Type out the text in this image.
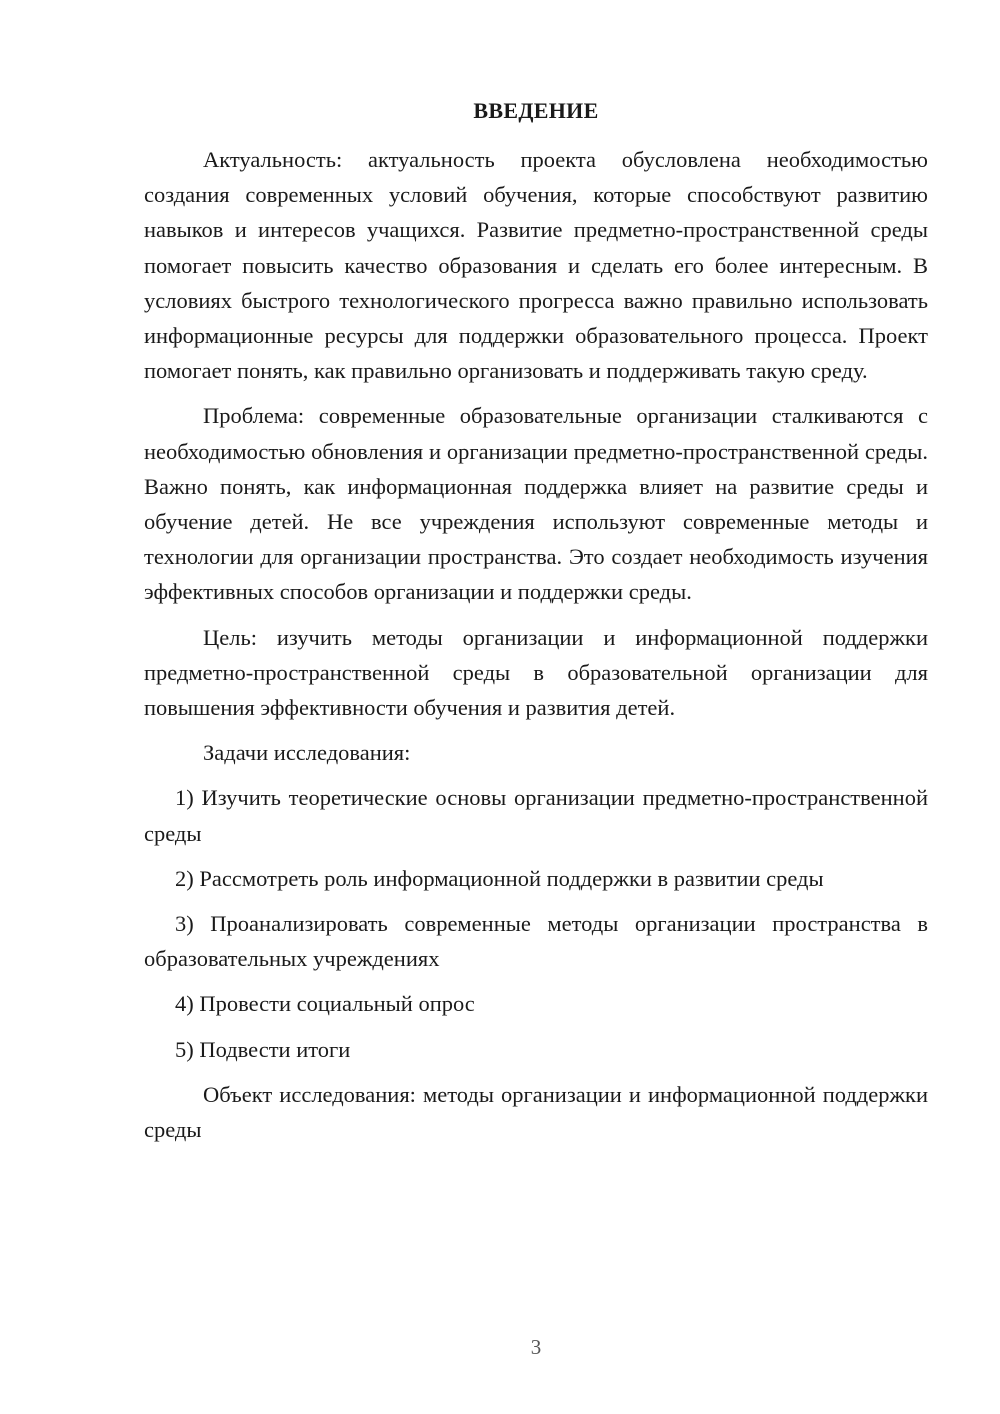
ВВЕДЕНИЕ

Актуальность: актуальность проекта обусловлена необходимостью создания современных условий обучения, которые способствуют развитию навыков и интересов учащихся. Развитие предметно-пространственной среды помогает повысить качество образования и сделать его более интересным. В условиях быстрого технологического прогресса важно правильно использовать информационные ресурсы для поддержки образовательного процесса. Проект помогает понять, как правильно организовать и поддерживать такую среду.

Проблема: современные образовательные организации сталкиваются с необходимостью обновления и организации предметно-пространственной среды. Важно понять, как информационная поддержка влияет на развитие среды и обучение детей. Не все учреждения используют современные методы и технологии для организации пространства. Это создает необходимость изучения эффективных способов организации и поддержки среды.

Цель: изучить методы организации и информационной поддержки предметно-пространственной среды в образовательной организации для повышения эффективности обучения и развития детей.

Задачи исследования:

1) Изучить теоретические основы организации предметно-пространственной среды

2) Рассмотреть роль информационной поддержки в развитии среды

3) Проанализировать современные методы организации пространства в образовательных учреждениях

4) Провести социальный опрос

5) Подвести итоги

Объект исследования: методы организации и информационной поддержки среды

3
